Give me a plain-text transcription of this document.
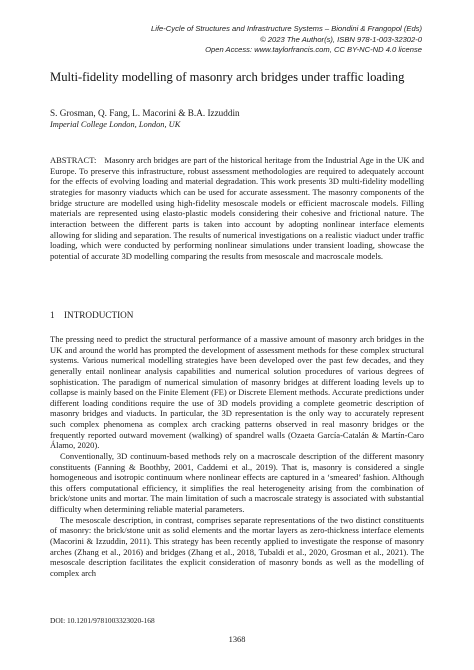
Life-Cycle of Structures and Infrastructure Systems – Biondini & Frangopol (Eds)
© 2023 The Author(s), ISBN 978-1-003-32302-0
Open Access: www.taylorfrancis.com, CC BY-NC-ND 4.0 license
Multi-fidelity modelling of masonry arch bridges under traffic loading
S. Grosman, Q. Fang, L. Macorini & B.A. Izzuddin
Imperial College London, London, UK
ABSTRACT: Masonry arch bridges are part of the historical heritage from the Industrial Age in the UK and Europe. To preserve this infrastructure, robust assessment methodologies are required to adequately account for the effects of evolving loading and material degradation. This work presents 3D multi-fidelity modelling strategies for masonry viaducts which can be used for accurate assessment. The masonry components of the bridge structure are modelled using high-fidelity mesoscale models or efficient macroscale models. Filling materials are represented using elasto-plastic models considering their cohesive and frictional nature. The interaction between the different parts is taken into account by adopting nonlinear interface elements allowing for sliding and separation. The results of numerical investigations on a realistic viaduct under traffic loading, which were conducted by performing nonlinear simulations under transient loading, showcase the potential of accurate 3D modelling comparing the results from mesoscale and macroscale models.
1 INTRODUCTION

The pressing need to predict the structural performance of a massive amount of masonry arch bridges in the UK and around the world has prompted the development of assessment methods for these complex structural systems. Various numerical modelling strategies have been developed over the past few decades, and they generally entail nonlinear analysis capabilities and numerical solution procedures of various degrees of sophistication. The paradigm of numerical simulation of masonry bridges at different loading levels up to collapse is mainly based on the Finite Element (FE) or Discrete Element methods. Accurate predictions under different loading conditions require the use of 3D models providing a complete geometric description of masonry bridges and viaducts. In particular, the 3D representation is the only way to accurately represent such complex phenomena as complex arch cracking patterns observed in real masonry bridges or the frequently reported outward movement (walking) of spandrel walls (Ozaeta García-Catalán & Martín-Caro Álamo, 2020).

Conventionally, 3D continuum-based methods rely on a macroscale description of the different masonry constituents (Fanning & Boothby, 2001, Caddemi et al., 2019). That is, masonry is considered a single homogeneous and isotropic continuum where nonlinear effects are captured in a ‘smeared’ fashion. Although this offers computational efficiency, it simplifies the real heterogeneity arising from the combination of brick/stone units and mortar. The main limitation of such a macroscale strategy is associated with substantial difficulty when determining reliable material parameters.

The mesoscale description, in contrast, comprises separate representations of the two distinct constituents of masonry: the brick/stone unit as solid elements and the mortar layers as zero-thickness interface elements (Macorini & Izzuddin, 2011). This strategy has been recently applied to investigate the response of masonry arches (Zhang et al., 2016) and bridges (Zhang et al., 2018, Tubaldi et al., 2020, Grosman et al., 2021). The mesoscale description facilitates the explicit consideration of masonry bonds as well as the modelling of complex arch

DOI: 10.1201/9781003323020-168
1368
